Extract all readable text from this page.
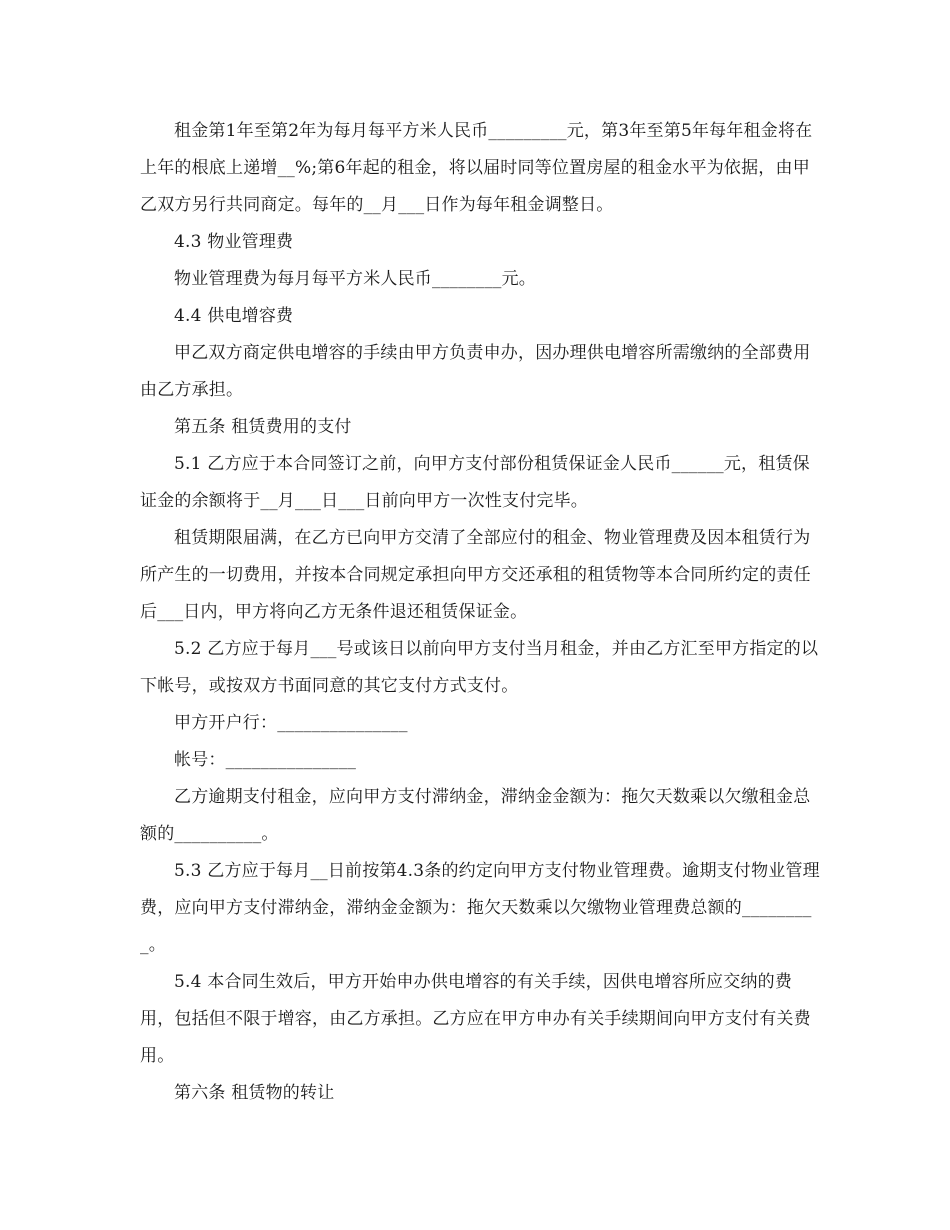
租金第1年至第2年为每月每平方米人民币_________元，第3年至第5年每年租金将在上年的根底上递增__%;第6年起的租金，将以届时同等位置房屋的租金水平为依据，由甲乙双方另行共同商定。每年的__月___日作为每年租金调整日。

4.3 物业管理费

物业管理费为每月每平方米人民币________元。

4.4 供电增容费

甲乙双方商定供电增容的手续由甲方负责申办，因办理供电增容所需缴纳的全部费用由乙方承担。

第五条 租赁费用的支付

5.1 乙方应于本合同签订之前，向甲方支付部份租赁保证金人民币______元，租赁保证金的余额将于__月___日___日前向甲方一次性支付完毕。

租赁期限届满，在乙方已向甲方交清了全部应付的租金、物业管理费及因本租赁行为所产生的一切费用，并按本合同规定承担向甲方交还承租的租赁物等本合同所约定的责任后___日内，甲方将向乙方无条件退还租赁保证金。

5.2 乙方应于每月___号或该日以前向甲方支付当月租金，并由乙方汇至甲方指定的以下帐号，或按双方书面同意的其它支付方式支付。

甲方开户行：_______________

帐号：_______________

乙方逾期支付租金，应向甲方支付滞纳金，滞纳金金额为：拖欠天数乘以欠缴租金总额的__________。

5.3 乙方应于每月__日前按第4.3条的约定向甲方支付物业管理费。逾期支付物业管理费，应向甲方支付滞纳金，滞纳金金额为：拖欠天数乘以欠缴物业管理费总额的_________。

5.4 本合同生效后，甲方开始申办供电增容的有关手续，因供电增容所应交纳的费用，包括但不限于增容，由乙方承担。乙方应在甲方申办有关手续期间向甲方支付有关费用。

第六条 租赁物的转让
